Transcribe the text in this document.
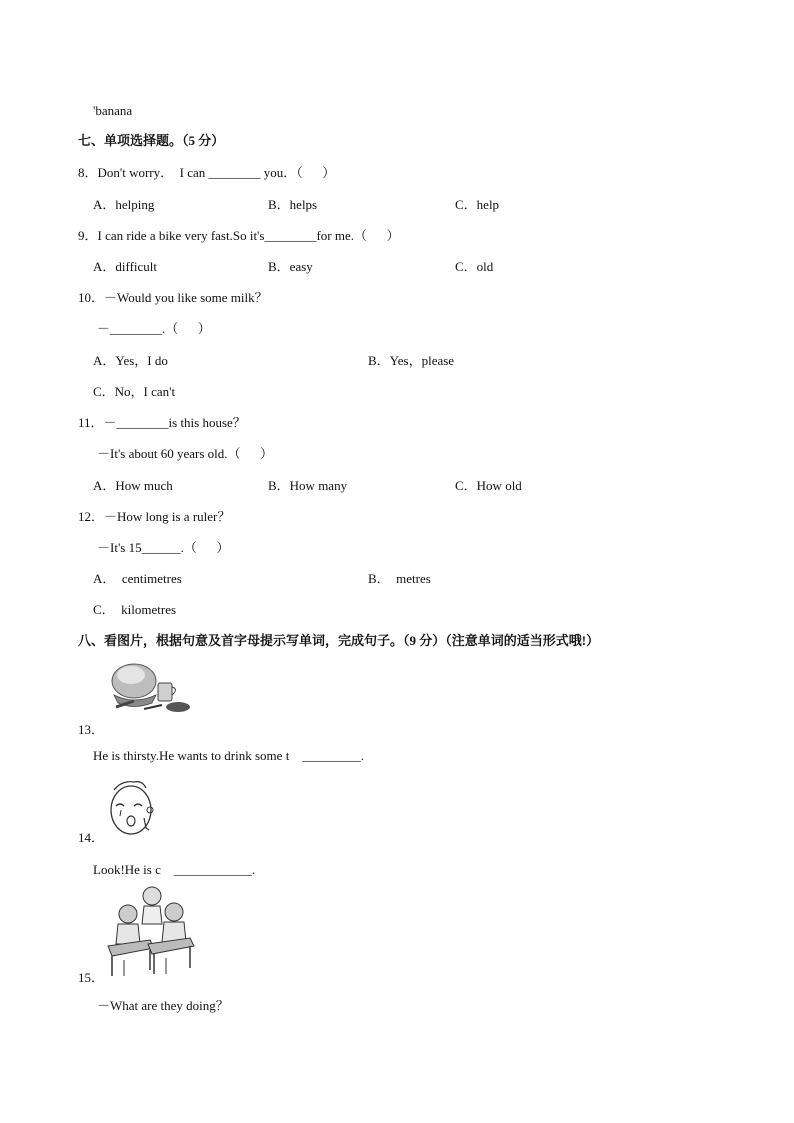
'banana
七、单项选择题。（5 分）
8．Don't worry．  I can ________ you．（      ）
A．helping	B．helps	C．help
9．I can ride a bike very fast.So it's________for me.（      ）
A．difficult	B．easy	C．old
10．－Would you like some milk？
－________.（      ）
A．Yes，I do	B．Yes，please
C．No，I can't
11．－________is this house？
－It's about 60 years old.（      ）
A．How much	B．How many	C．How old
12．－How long is a ruler？
－It's 15______.（      ）
A．  centimetres	B．  metres
C．  kilometres
八、看图片，根据句意及首字母提示写单词，完成句子。（9 分）（注意单词的适当形式哦!）
13．
He is thirsty.He wants to drink some t    _________.
14．
Look!He is c    ____________.
15．
－What are they doing？
